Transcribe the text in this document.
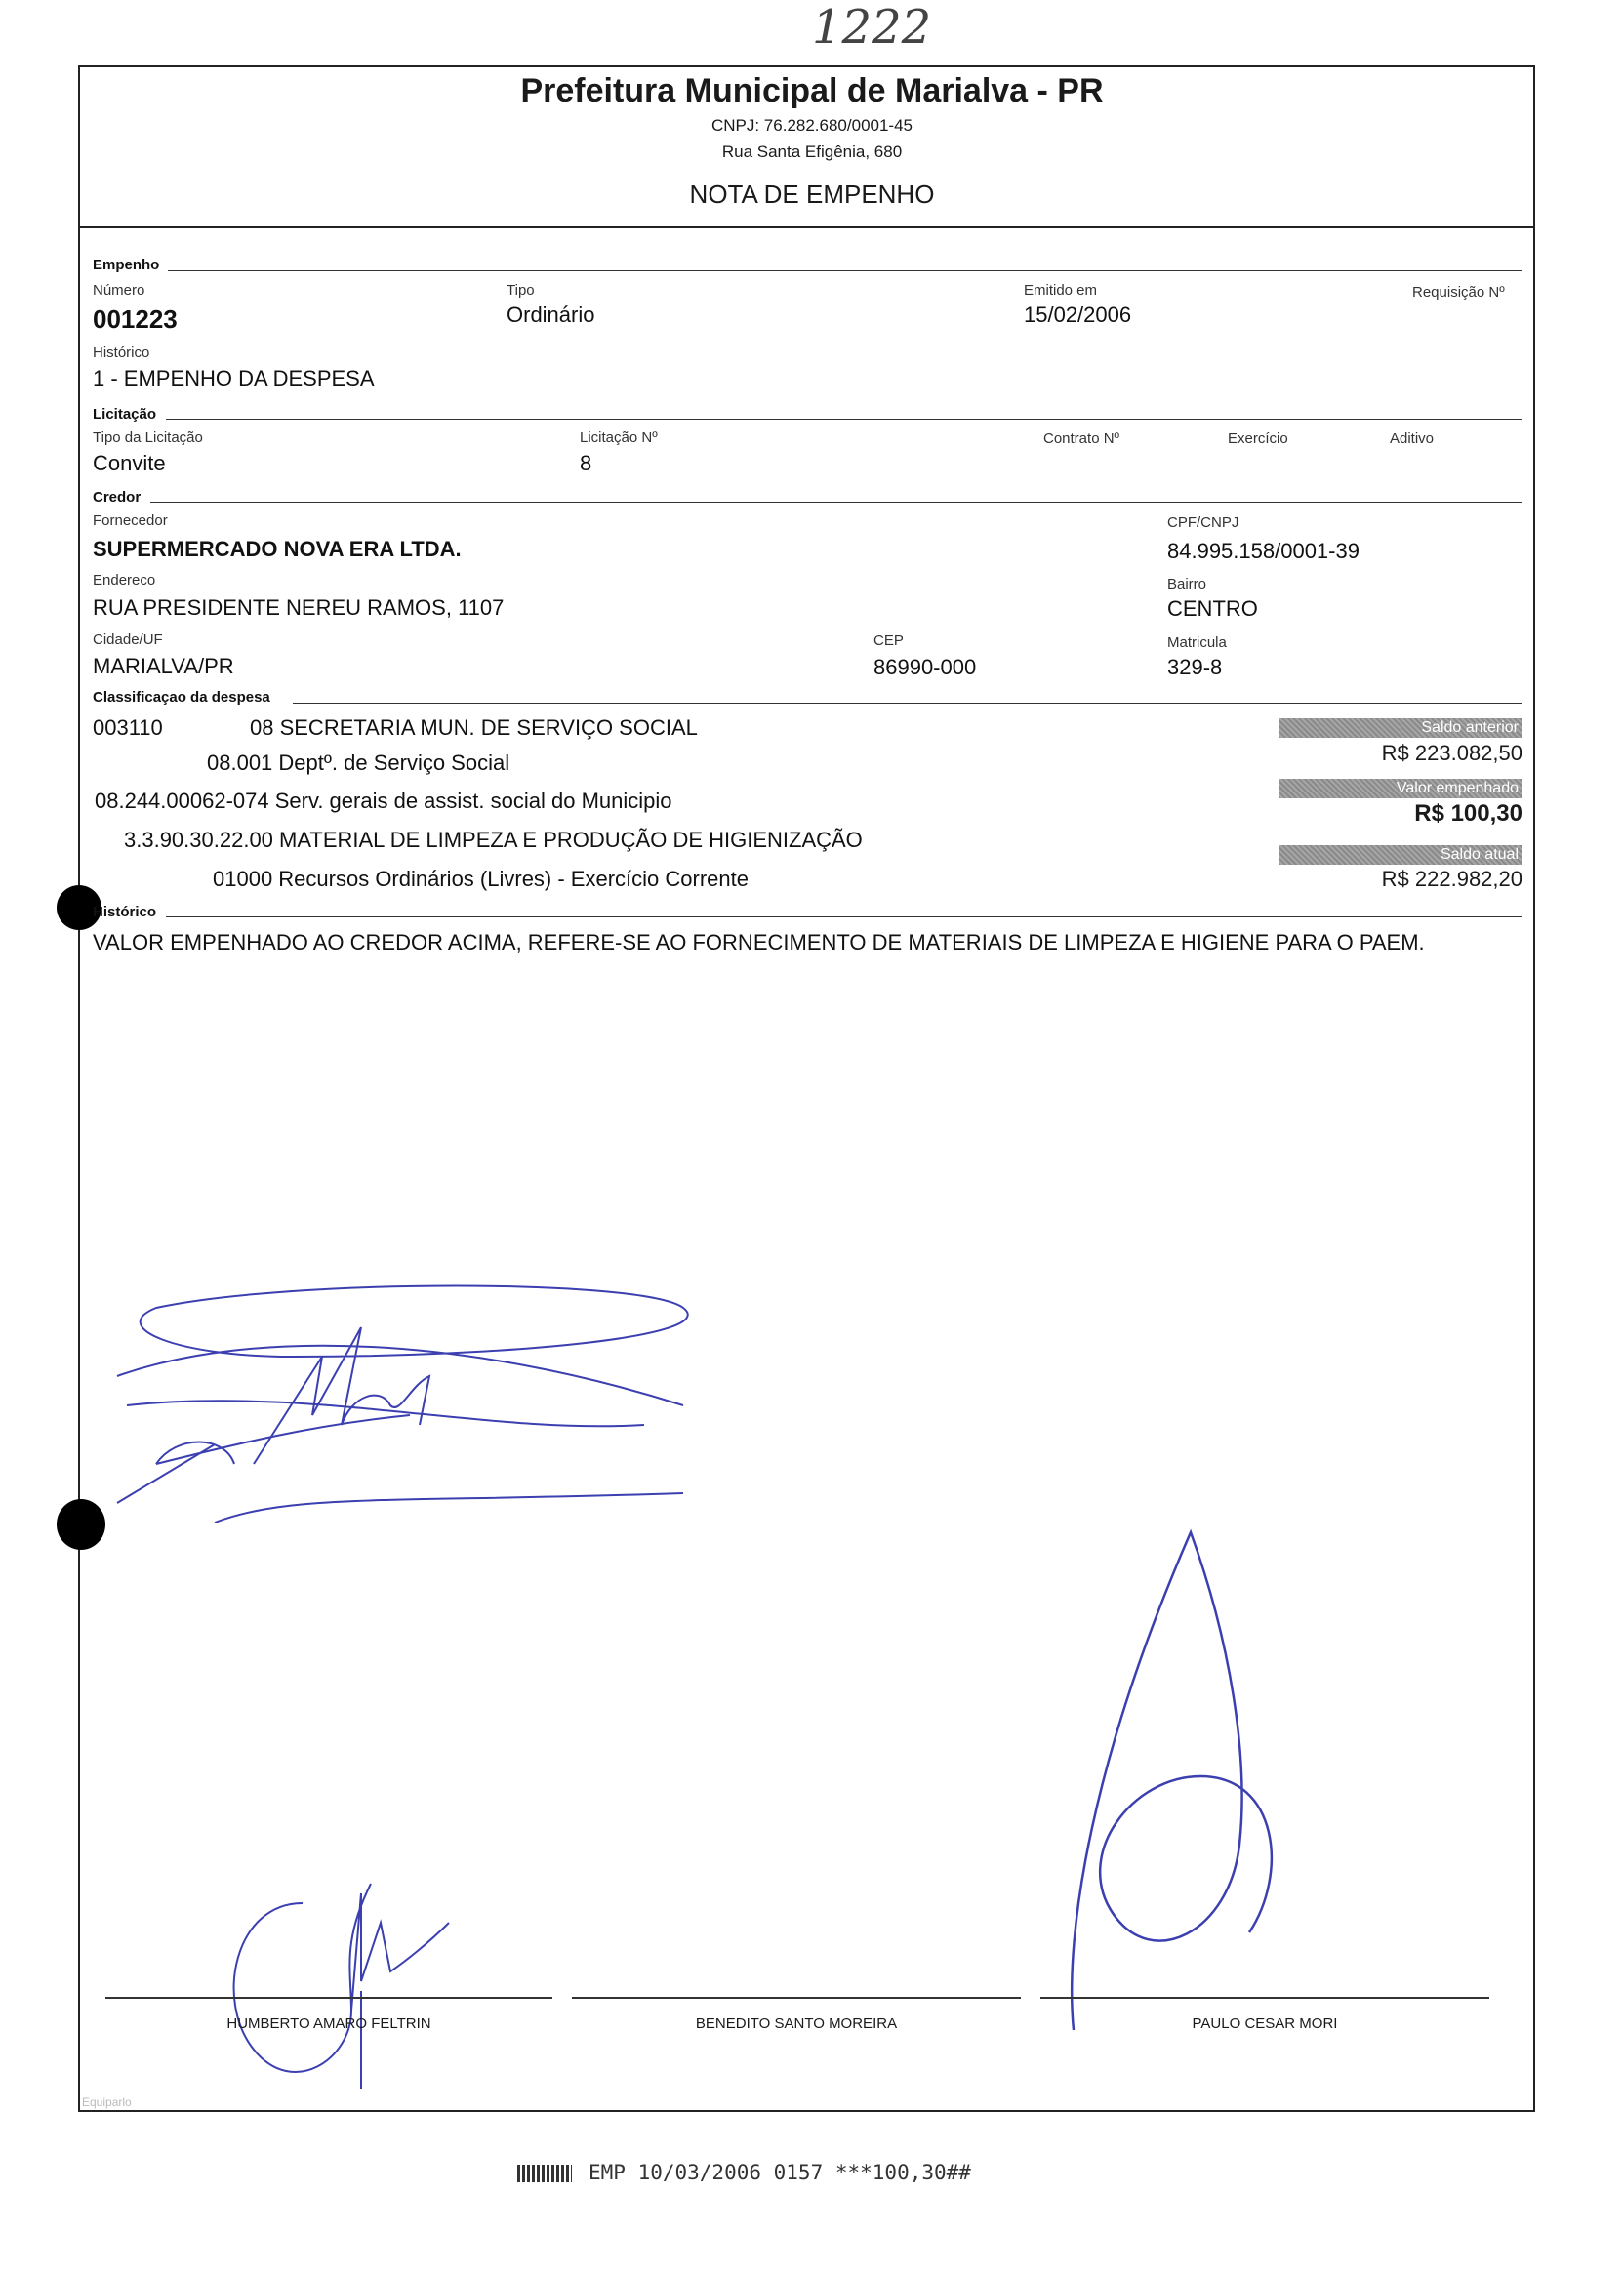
1222
Prefeitura Municipal de Marialva - PR
CNPJ: 76.282.680/0001-45
Rua Santa Efigênia, 680
NOTA DE EMPENHO
Empenho
Número
001223
Tipo
Ordinário
Emitido em
15/02/2006
Requisição Nº
Histórico
1 - EMPENHO DA DESPESA
Licitação
Tipo da Licitação
Convite
Licitação Nº
8
Contrato Nº	Exercício	Aditivo
Credor
Fornecedor
SUPERMERCADO NOVA ERA LTDA.
CPF/CNPJ
84.995.158/0001-39
Endereco
RUA PRESIDENTE NEREU RAMOS, 1107
Bairro
CENTRO
Cidade/UF
MARIALVA/PR
CEP
86990-000
Matricula
329-8
Classificaçao da despesa
003110	08 SECRETARIA MUN. DE SERVIÇO SOCIAL
08.001 Deptº. de Serviço Social
08.244.00062-074 Serv. gerais de assist. social do Municipio
3.3.90.30.22.00 MATERIAL DE LIMPEZA E PRODUÇÃO DE HIGIENIZAÇÃO
01000 Recursos Ordinários (Livres) - Exercício Corrente
Saldo anterior
R$ 223.082,50
Valor empenhado
R$ 100,30
Saldo atual
R$ 222.982,20
Histórico
VALOR EMPENHADO AO CREDOR ACIMA, REFERE-SE AO FORNECIMENTO DE MATERIAIS DE LIMPEZA E HIGIENE PARA O PAEM.
HUMBERTO AMARO FELTRIN	BENEDITO SANTO MOREIRA	PAULO CESAR MORI
Equiparlo
EMP 10/03/2006 0157 ***100,30##
